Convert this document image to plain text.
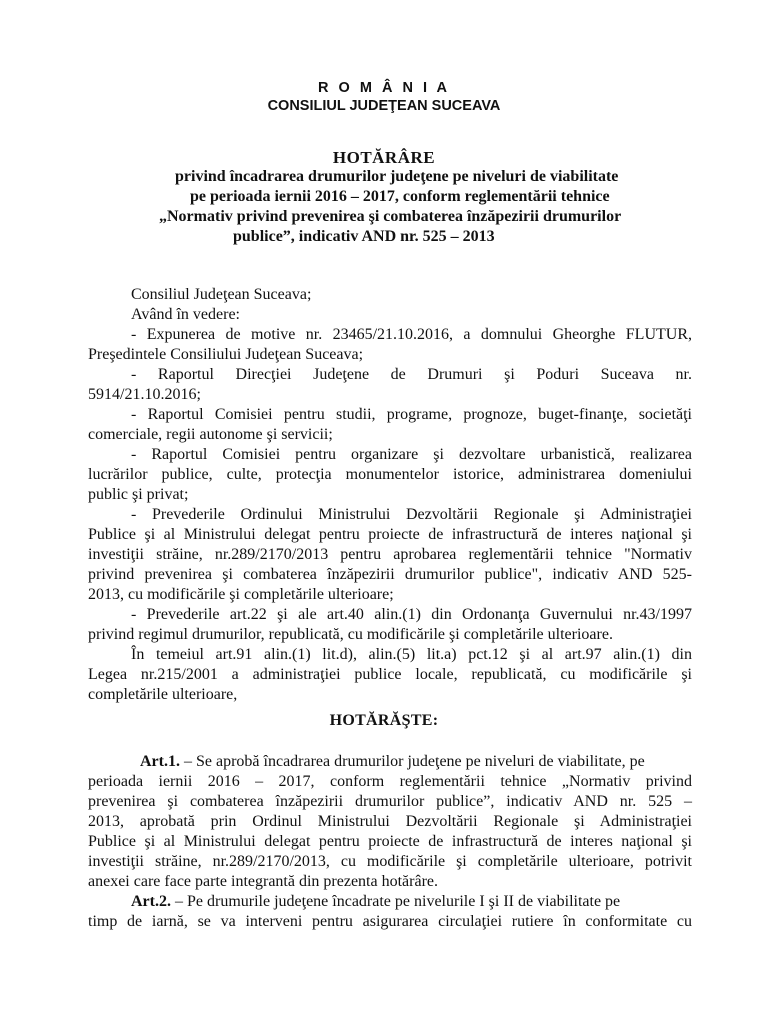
R O M Â N I A
CONSILIUL JUDEŢEAN SUCEAVA
HOTĂRÂRE
privind încadrarea drumurilor judeţene pe niveluri de viabilitate
pe perioada iernii 2016 – 2017, conform reglementării tehnice
„Normativ privind prevenirea şi combaterea înzăpezirii drumurilor
publice”, indicativ AND nr. 525 – 2013
Consiliul Judeţean Suceava;
Având în vedere:
- Expunerea de motive nr. 23465/21.10.2016, a domnului Gheorghe FLUTUR,
Preşedintele Consiliului Judeţean Suceava;
- Raportul Direcţiei Judeţene de Drumuri şi Poduri Suceava nr.
5914/21.10.2016;
- Raportul Comisiei pentru studii, programe, prognoze, buget-finanţe, societăţi
comerciale, regii autonome şi servicii;
- Raportul Comisiei pentru organizare şi dezvoltare urbanistică, realizarea
lucrărilor publice, culte, protecţia monumentelor istorice, administrarea domeniului
public şi privat;
- Prevederile Ordinului Ministrului Dezvoltării Regionale şi Administraţiei
Publice şi al Ministrului delegat pentru proiecte de infrastructură de interes naţional şi
investiţii străine, nr.289/2170/2013 pentru aprobarea reglementării tehnice "Normativ
privind prevenirea şi combaterea înzăpezirii drumurilor publice", indicativ AND 525-
2013, cu modificările şi completările ulterioare;
- Prevederile art.22 şi ale art.40 alin.(1) din Ordonanţa Guvernului nr.43/1997
privind regimul drumurilor, republicată, cu modificările şi completările ulterioare.
În temeiul art.91 alin.(1) lit.d), alin.(5) lit.a) pct.12 şi al art.97 alin.(1) din
Legea nr.215/2001 a administraţiei publice locale, republicată, cu modificările şi
completările ulterioare,
HOTĂRĂŞTE:
Art.1. – Se aprobă încadrarea drumurilor judeţene pe niveluri de viabilitate, pe
perioada iernii 2016 – 2017, conform reglementării tehnice „Normativ privind
prevenirea şi combaterea înzăpezirii drumurilor publice”, indicativ AND nr. 525 –
2013, aprobată prin Ordinul Ministrului Dezvoltării Regionale şi Administraţiei
Publice şi al Ministrului delegat pentru proiecte de infrastructură de interes naţional şi
investiţii străine, nr.289/2170/2013, cu modificările şi completările ulterioare, potrivit
anexei care face parte integrantă din prezenta hotărâre.
Art.2. – Pe drumurile judeţene încadrate pe nivelurile I şi II de viabilitate pe
timp de iarnă, se va interveni pentru asigurarea circulaţiei rutiere în conformitate cu
